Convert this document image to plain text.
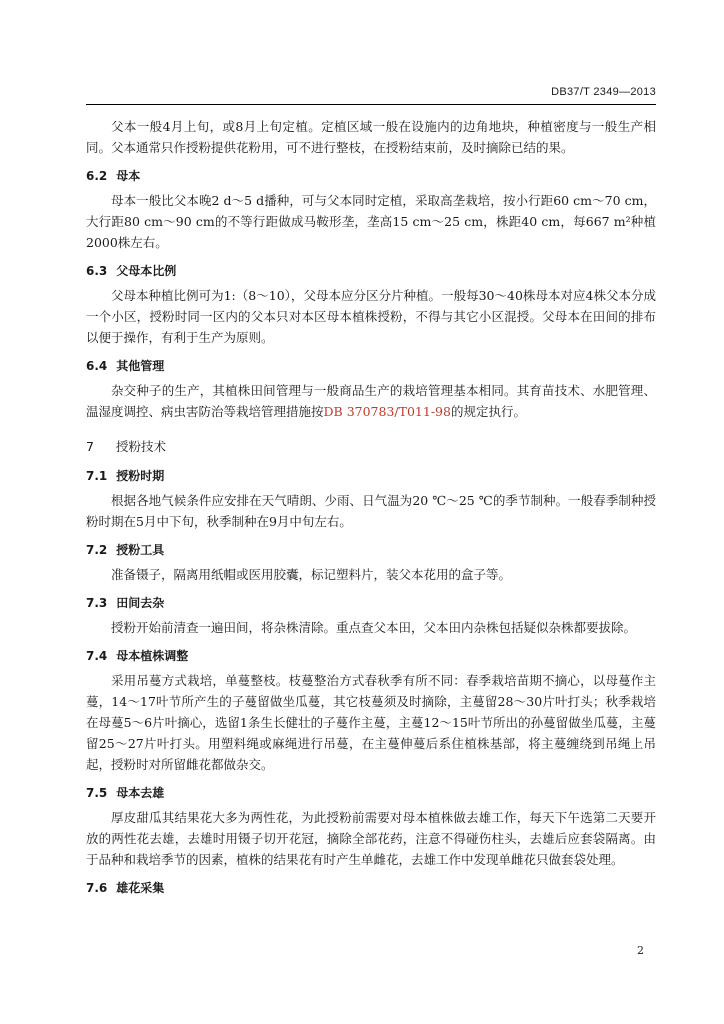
DB37/T 2349—2013

父本一般4月上旬，或8月上旬定植。定植区域一般在设施内的边角地块，种植密度与一般生产相同。父本通常只作授粉提供花粉用，可不进行整枝，在授粉结束前，及时摘除已结的果。

6.2 母本

母本一般比父本晚2 d～5 d播种，可与父本同时定植，采取高垄栽培，按小行距60 cm～70 cm，大行距80 cm～90 cm的不等行距做成马鞍形垄，垄高15 cm～25 cm，株距40 cm，每667 m²种植2000株左右。

6.3 父母本比例

父母本种植比例可为1:（8～10），父母本应分区分片种植。一般每30～40株母本对应4株父本分成一个小区，授粉时同一区内的父本只对本区母本植株授粉，不得与其它小区混授。父母本在田间的排布以便于操作，有利于生产为原则。

6.4 其他管理

杂交种子的生产，其植株田间管理与一般商品生产的栽培管理基本相同。其育苗技术、水肥管理、温湿度调控、病虫害防治等栽培管理措施按DB 370783/T011-98的规定执行。

7 授粉技术
7.1 授粉时期

根据各地气候条件应安排在天气晴朗、少雨、日气温为20 ℃～25 ℃的季节制种。一般春季制种授粉时期在5月中下旬，秋季制种在9月中旬左右。

7.2 授粉工具

准备镊子，隔离用纸帽或医用胶囊，标记塑料片，装父本花用的盒子等。

7.3 田间去杂

授粉开始前清查一遍田间，将杂株清除。重点查父本田，父本田内杂株包括疑似杂株都要拔除。

7.4 母本植株调整

采用吊蔓方式栽培，单蔓整枝。枝蔓整治方式春秋季有所不同：春季栽培苗期不摘心，以母蔓作主蔓，14～17叶节所产生的子蔓留做坐瓜蔓，其它枝蔓须及时摘除，主蔓留28～30片叶打头；秋季栽培在母蔓5～6片叶摘心，选留1条生长健壮的子蔓作主蔓，主蔓12～15叶节所出的孙蔓留做坐瓜蔓，主蔓留25～27片叶打头。用塑料绳或麻绳进行吊蔓，在主蔓伸蔓后系住植株基部，将主蔓缠绕到吊绳上吊起，授粉时对所留雌花都做杂交。

7.5 母本去雄

厚皮甜瓜其结果花大多为两性花，为此授粉前需要对母本植株做去雄工作，每天下午选第二天要开放的两性花去雄，去雄时用镊子切开花冠，摘除全部花药，注意不得碰伤柱头，去雄后应套袋隔离。由于品种和栽培季节的因素，植株的结果花有时产生单雌花，去雄工作中发现单雌花只做套袋处理。

7.6 雄花采集
2
